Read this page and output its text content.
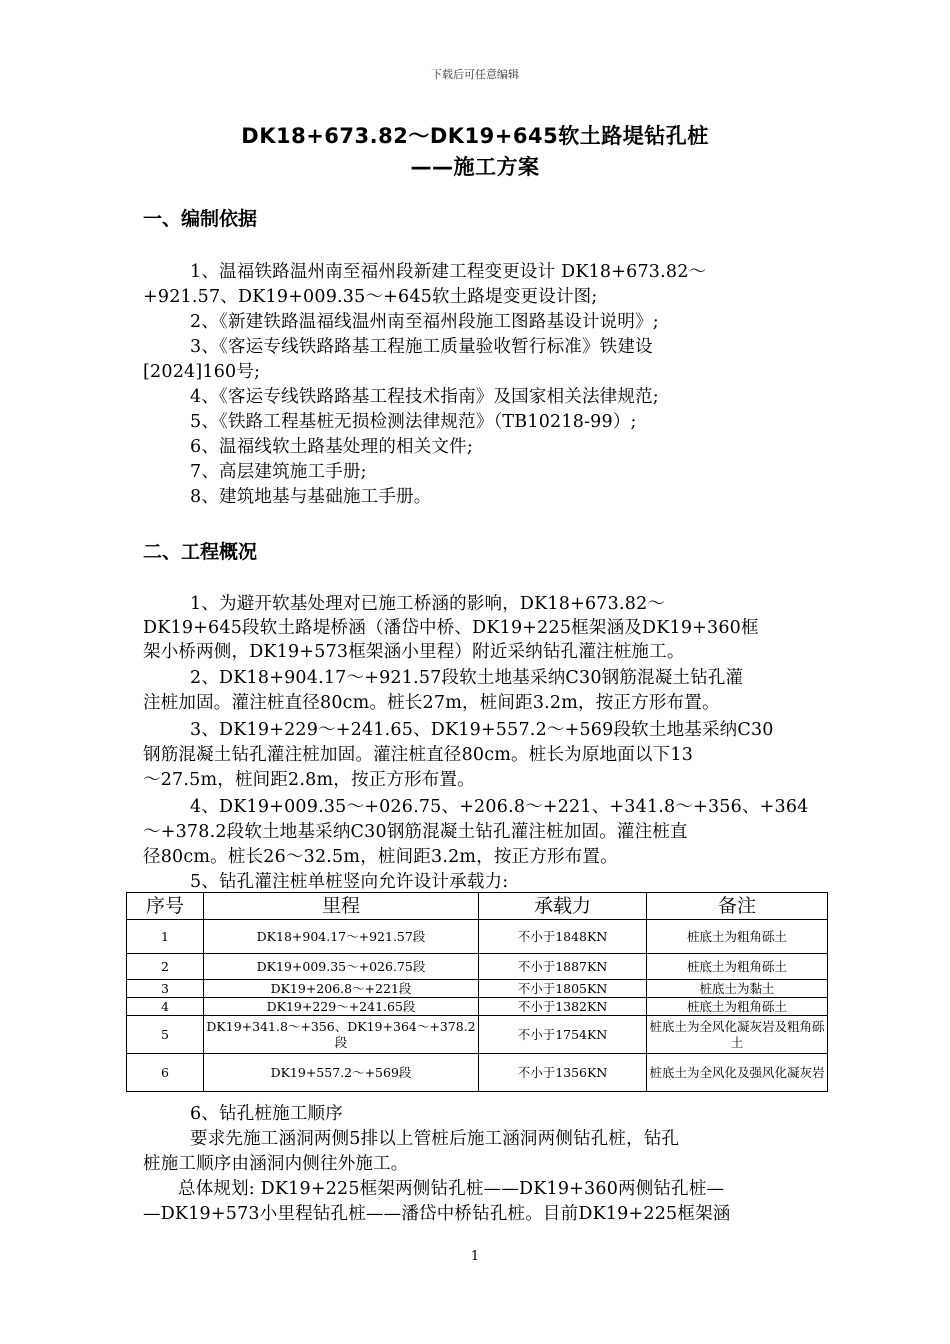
下载后可任意编辑
DK18+673.82～DK19+645软土路堤钻孔桩
——施工方案
一、编制依据
1、温福铁路温州南至福州段新建工程变更设计 DK18+673.82～
+921.57、DK19+009.35～+645软土路堤变更设计图;
2、《新建铁路温福线温州南至福州段施工图路基设计说明》;
3、《客运专线铁路路基工程施工质量验收暂行标准》铁建设
[2024]160号;
4、《客运专线铁路路基工程技术指南》及国家相关法律规范;
5、《铁路工程基桩无损检测法律规范》（TB10218-99）;
6、温福线软土路基处理的相关文件;
7、高层建筑施工手册;
8、建筑地基与基础施工手册。
二、工程概况
1、为避开软基处理对已施工桥涵的影响，DK18+673.82～
DK19+645段软土路堤桥涵（潘岱中桥、DK19+225框架涵及DK19+360框
架小桥两侧，DK19+573框架涵小里程）附近采纳钻孔灌注桩施工。
2、DK18+904.17～+921.57段软土地基采纳C30钢筋混凝土钻孔灌
注桩加固。灌注桩直径80cm。桩长27m，桩间距3.2m，按正方形布置。
3、DK19+229～+241.65、DK19+557.2～+569段软土地基采纳C30
钢筋混凝土钻孔灌注桩加固。灌注桩直径80cm。桩长为原地面以下13
～27.5m，桩间距2.8m，按正方形布置。
4、DK19+009.35～+026.75、+206.8～+221、+341.8～+356、+364
～+378.2段软土地基采纳C30钢筋混凝土钻孔灌注桩加固。灌注桩直
径80cm。桩长26～32.5m，桩间距3.2m，按正方形布置。
5、钻孔灌注桩单桩竖向允许设计承载力:
序号	里程	承载力	备注
1	DK18+904.17～+921.57段	不小于1848KN	桩底土为粗角砾土
2	DK19+009.35～+026.75段	不小于1887KN	桩底土为粗角砾土
3	DK19+206.8～+221段	不小于1805KN	桩底土为黏土
4	DK19+229～+241.65段	不小于1382KN	桩底土为粗角砾土
5	DK19+341.8～+356、DK19+364～+378.2段	不小于1754KN	桩底土为全风化凝灰岩及粗角砾土
6	DK19+557.2～+569段	不小于1356KN	桩底土为全风化及强风化凝灰岩
6、钻孔桩施工顺序
要求先施工涵洞两侧5排以上管桩后施工涵洞两侧钻孔桩，钻孔
桩施工顺序由涵洞内侧往外施工。
总体规划: DK19+225框架两侧钻孔桩——DK19+360两侧钻孔桩—
—DK19+573小里程钻孔桩——潘岱中桥钻孔桩。目前DK19+225框架涵
1
